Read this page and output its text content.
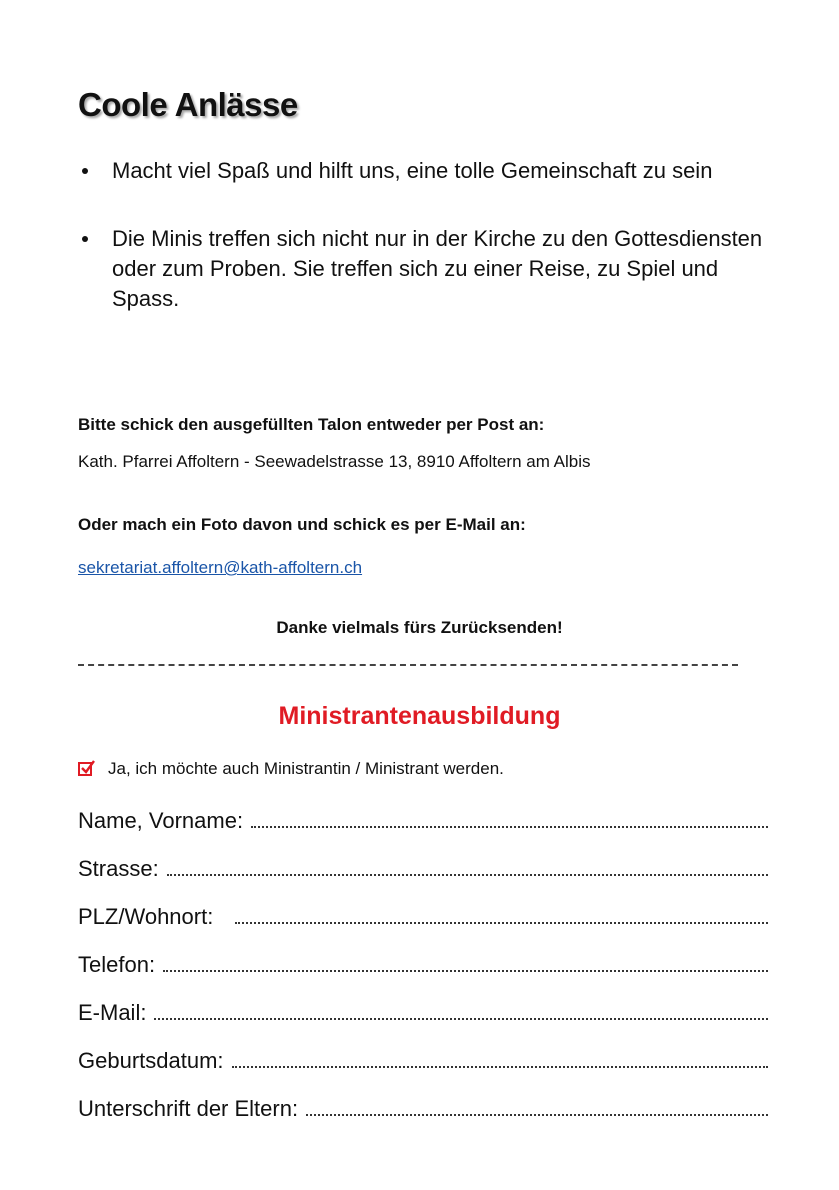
Coole Anlässe
Macht viel Spaß und hilft uns, eine tolle Gemeinschaft zu sein
Die Minis treffen sich nicht nur in der Kirche zu den Gottesdiensten oder zum Proben. Sie treffen sich zu einer Reise, zu Spiel und Spass.
Bitte schick den ausgefüllten Talon entweder per Post an:
Kath. Pfarrei Affoltern - Seewadelstrasse 13, 8910 Affoltern am Albis
Oder mach ein Foto davon und schick es per E-Mail an:
sekretariat.affoltern@kath-affoltern.ch
Danke vielmals fürs Zurücksenden!
Ministrantenausbildung
Ja, ich möchte auch Ministrantin / Ministrant werden.
Name, Vorname:
Strasse:
PLZ/Wohnort:
Telefon:
E-Mail:
Geburtsdatum:
Unterschrift der Eltern:
